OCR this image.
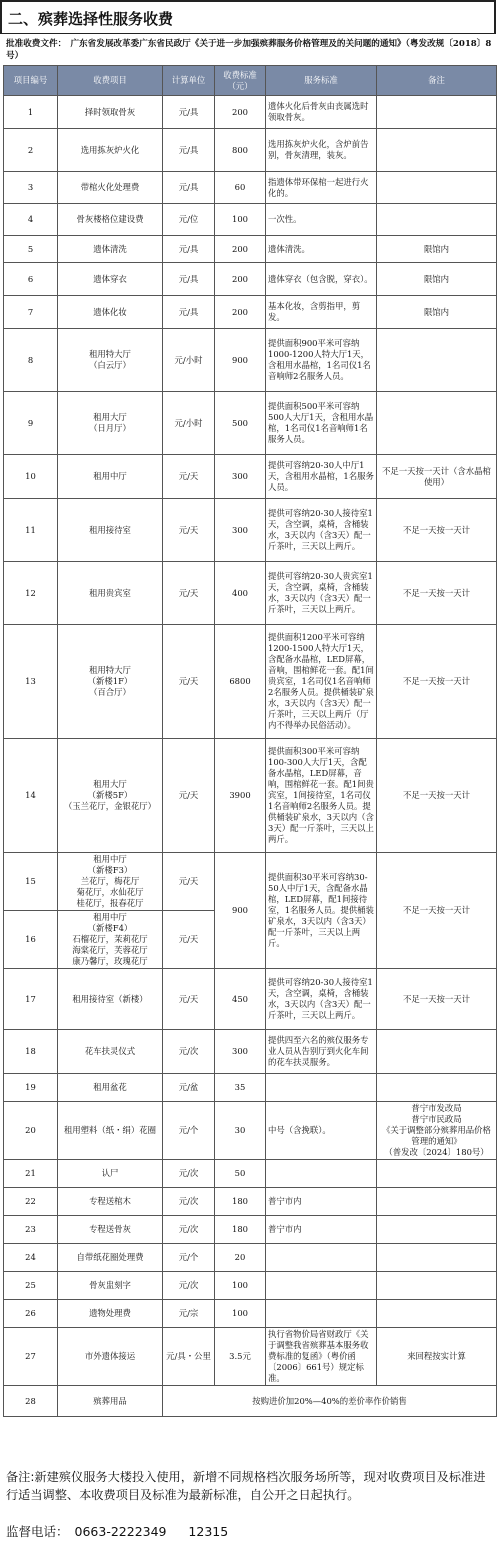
二、殡葬选择性服务收费
批准收费文件：　广东省发展改革委广东省民政厅《关于进一步加强殡葬服务价格管理及的关问题的通知》（粤发改规〔2018〕8号）
项目编号	收费项目	计算单位	收费标准（元）	服务标准	备注
1	择时领取骨灰	元/具	200	遗体火化后骨灰由丧属选时领取骨灰。	
2	选用拣灰炉火化	元/具	800	选用拣灰炉火化，含炉前告别，骨灰清理，装灰。	
3	带棺火化处理费	元/具	60	指遗体带环保棺一起进行火化的。	
4	骨灰楼格位建设费	元/位	100	一次性。	
5	遗体清洗	元/具	200	遗体清洗。	限馆内
6	遗体穿衣	元/具	200	遗体穿衣（包含脱，穿衣）。	限馆内
7	遗体化妆	元/具	200	基本化妆，含剪指甲，剪发。	限馆内
8	租用特大厅
（白云厅）	元/小时	900	提供面积900平米可容纳1000-1200人特大厅1天，含租用水晶棺，1名司仪1名音响师2名服务人员。	
9	租用大厅
（日月厅）	元/小时	500	提供面积500平米可容纳500人大厅1天，含租用水晶棺，1名司仪1名音响师1名服务人员。	
10	租用中厅	元/天	300	提供可容纳20-30人中厅1天，含租用水晶棺，1名服务人员。	不足一天按一天计（含水晶棺使用）
11	租用接待室	元/天	300	提供可容纳20-30人接待室1天，含空调，桌椅，含桶装水，3天以内（含3天）配一斤茶叶，三天以上两斤。	不足一天按一天计
12	租用贵宾室	元/天	400	提供可容纳20-30人贵宾室1天，含空调，桌椅，含桶装水，3天以内（含3天）配一斤茶叶，三天以上两斤。	不足一天按一天计
13	租用特大厅
（新楼1F）
（百合厅）	元/天	6800	提供面积1200平米可容纳1200-1500人特大厅1天，含配备水晶棺，LED屏幕，音响，围棺鲜花一套。配1间贵宾室，1名司仪1名音响师2名服务人员。提供桶装矿泉水，3天以内（含3天）配一斤茶叶，三天以上两斤（厅内不得举办民俗活动）。	不足一天按一天计
14	租用大厅
（新楼5F）
（玉兰花厅，金银花厅）	元/天	3900	提供面积300平米可容纳100-300人大厅1天，含配备水晶棺，LED屏幕，音响，围棺鲜花一套。配1间贵宾室，1间接待室，1名司仪1名音响师2名服务人员。提供桶装矿泉水，3天以内（含3天）配一斤茶叶，三天以上两斤。	不足一天按一天计
15	租用中厅
（新楼F3）
兰花厅，梅花厅
菊花厅，水仙花厅
桂花厅，报春花厅	元/天	900	提供面积30平米可容纳30-50人中厅1天，含配备水晶棺，LED屏幕，配1间接待室，1名服务人员。提供桶装矿泉水，3天以内（含3天）配一斤茶叶，三天以上两斤。	不足一天按一天计
16	租用中厅
（新楼F4）
石榴花厅，茉莉花厅
海棠花厅，芙蓉花厅
康乃馨厅，玫瑰花厅	元/天			
17	租用接待室（新楼）	元/天	450	提供可容纳20-30人接待室1天，含空调，桌椅，含桶装水，3天以内（含3天）配一斤茶叶，三天以上两斤。	不足一天按一天计
18	花车扶灵仪式	元/次	300	提供四至六名的殡仪服务专业人员从告别厅到火化车间的花车扶灵服务。	
19	租用盆花	元/盆	35		
20	租用塑料（纸・绢）花圈	元/个	30	中号（含挽联）。	普宁市发改局
普宁市民政局
《关于调整部分殡葬用品价格管理的通知》
（普发改〔2024〕180号）
21	认尸	元/次	50		
22	专程送棺木	元/次	180	普宁市内	
23	专程送骨灰	元/次	180	普宁市内	
24	自带纸花圈处理费	元/个	20		
25	骨灰盅刻字	元/次	100		
26	遗物处理费	元/宗	100		
27	市外遗体接运	元/具・公里	3.5元	执行省物价局省财政厅《关于调整我省殡葬基本服务收费标准的复函》（粤价函〔2006〕661号）规定标准。	来回程按实计算
28	殡葬用品	按购进价加20%—40%的差价率作价销售			
备注:新建殡仪服务大楼投入使用，新增不同规格档次服务场所等，现对收费项目及标准进行适当调整、本收费项目及标准为最新标准，自公开之日起执行。
监督电话： 0663-2222349 12315
